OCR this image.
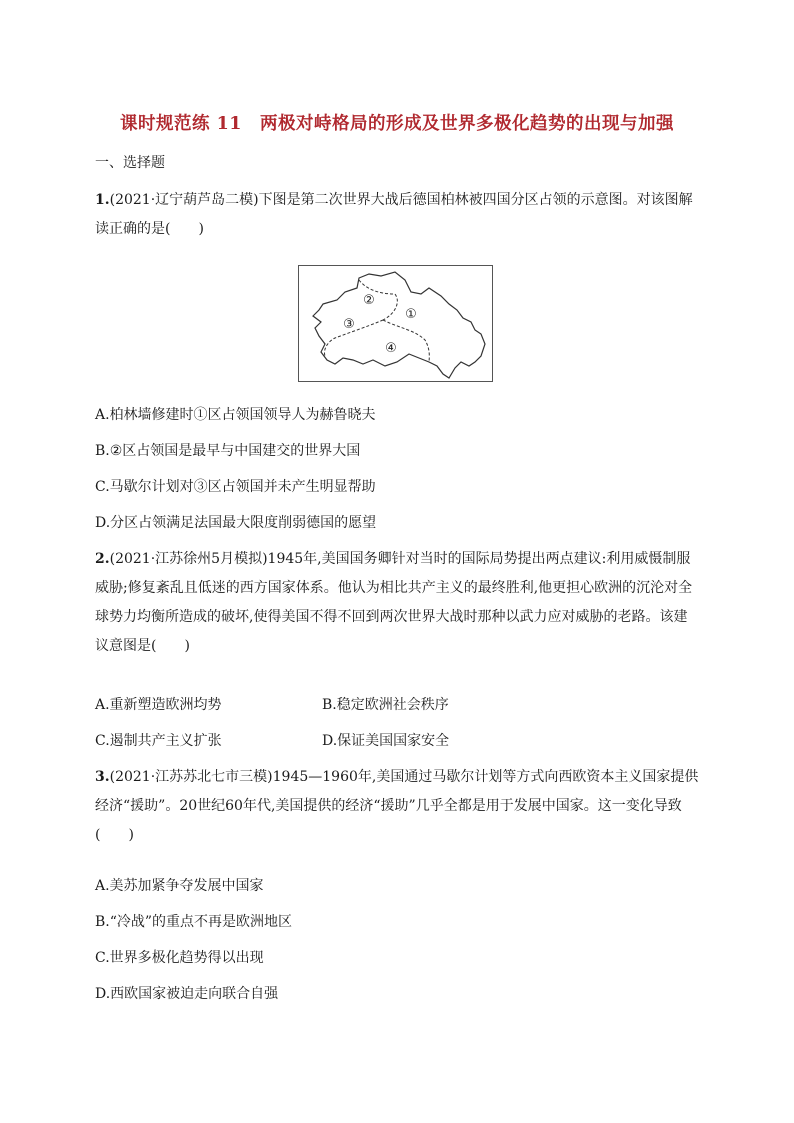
课时规范练 11　两极对峙格局的形成及世界多极化趋势的出现与加强
一、选择题
1.(2021·辽宁葫芦岛二模)下图是第二次世界大战后德国柏林被四国分区占领的示意图。对该图解读正确的是(　　)
①
②
③
④
A.柏林墙修建时①区占领国领导人为赫鲁晓夫
B.②区占领国是最早与中国建交的世界大国
C.马歇尔计划对③区占领国并未产生明显帮助
D.分区占领满足法国最大限度削弱德国的愿望
2.(2021·江苏徐州5月模拟)1945年,美国国务卿针对当时的国际局势提出两点建议:利用威慑制服威胁;修复紊乱且低迷的西方国家体系。他认为相比共产主义的最终胜利,他更担心欧洲的沉沦对全球势力均衡所造成的破坏,使得美国不得不回到两次世界大战时那种以武力应对威胁的老路。该建议意图是(　　)
A.重新塑造欧洲均势	B.稳定欧洲社会秩序
C.遏制共产主义扩张	D.保证美国国家安全
3.(2021·江苏苏北七市三模)1945—1960年,美国通过马歇尔计划等方式向西欧资本主义国家提供经济“援助”。20世纪60年代,美国提供的经济“援助”几乎全都是用于发展中国家。这一变化导致(　　)
A.美苏加紧争夺发展中国家
B.“冷战”的重点不再是欧洲地区
C.世界多极化趋势得以出现
D.西欧国家被迫走向联合自强
